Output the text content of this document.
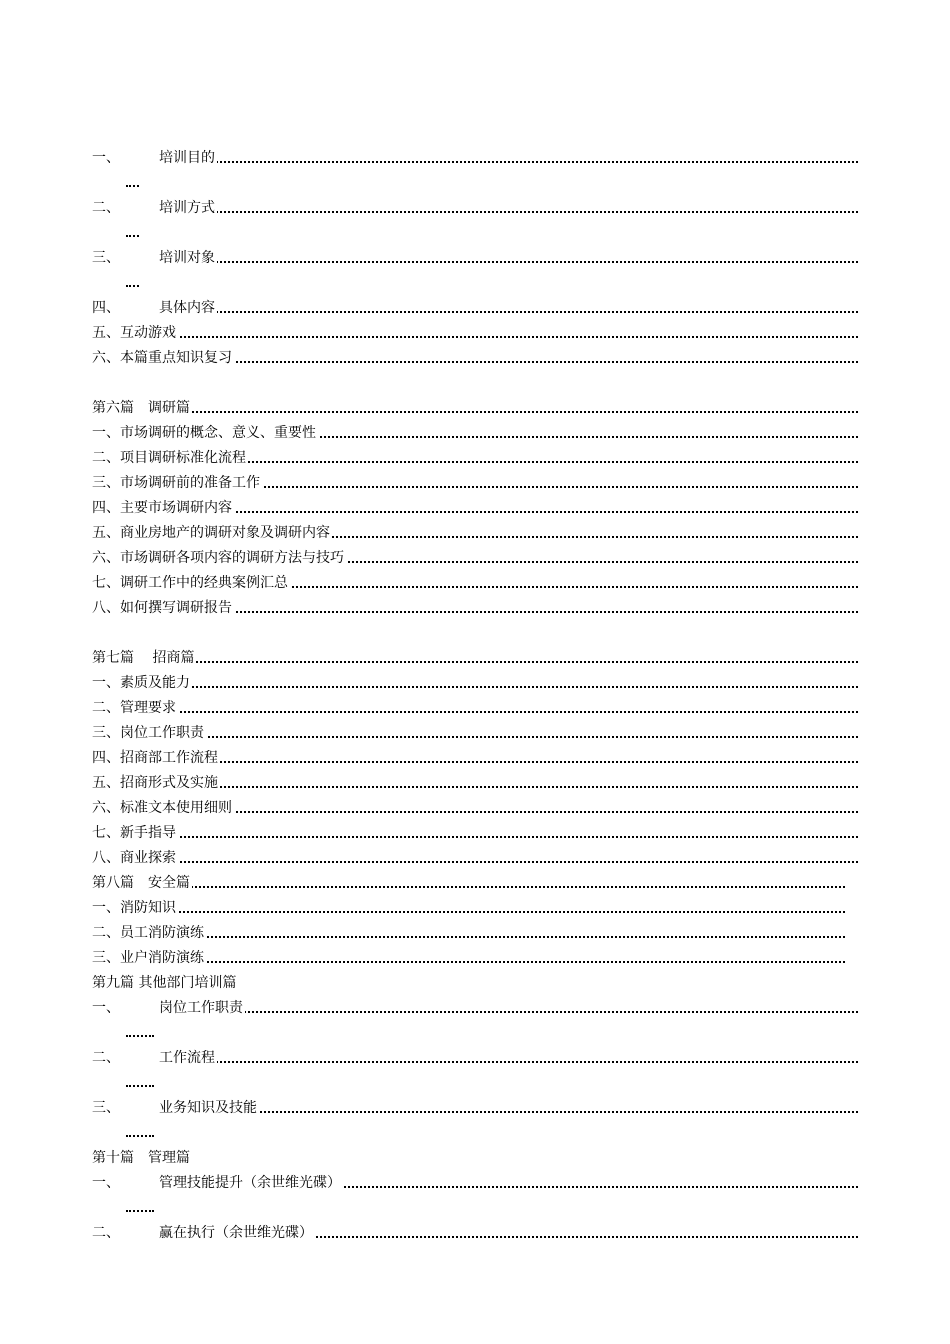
一、	培训目的
二、	培训方式
三、	培训对象
四、	具体内容
五、互动游戏
六、本篇重点知识复习
第六篇　调研篇
一、市场调研的概念、意义、重要性
二、项目调研标准化流程
三、市场调研前的准备工作
四、主要市场调研内容
五、商业房地产的调研对象及调研内容
六、市场调研各项内容的调研方法与技巧
七、调研工作中的经典案例汇总
八、如何撰写调研报告
第七篇　 招商篇
一、素质及能力
二、管理要求
三、岗位工作职责
四、招商部工作流程
五、招商形式及实施
六、标准文本使用细则
七、新手指导
八、商业探索
第八篇　安全篇
一、消防知识
二、员工消防演练
三、业户消防演练
第九篇 其他部门培训篇
一、	岗位工作职责
二、	工作流程
三、	业务知识及技能
第十篇　管理篇
一、	管理技能提升（余世维光碟）
二、	赢在执行（余世维光碟）
